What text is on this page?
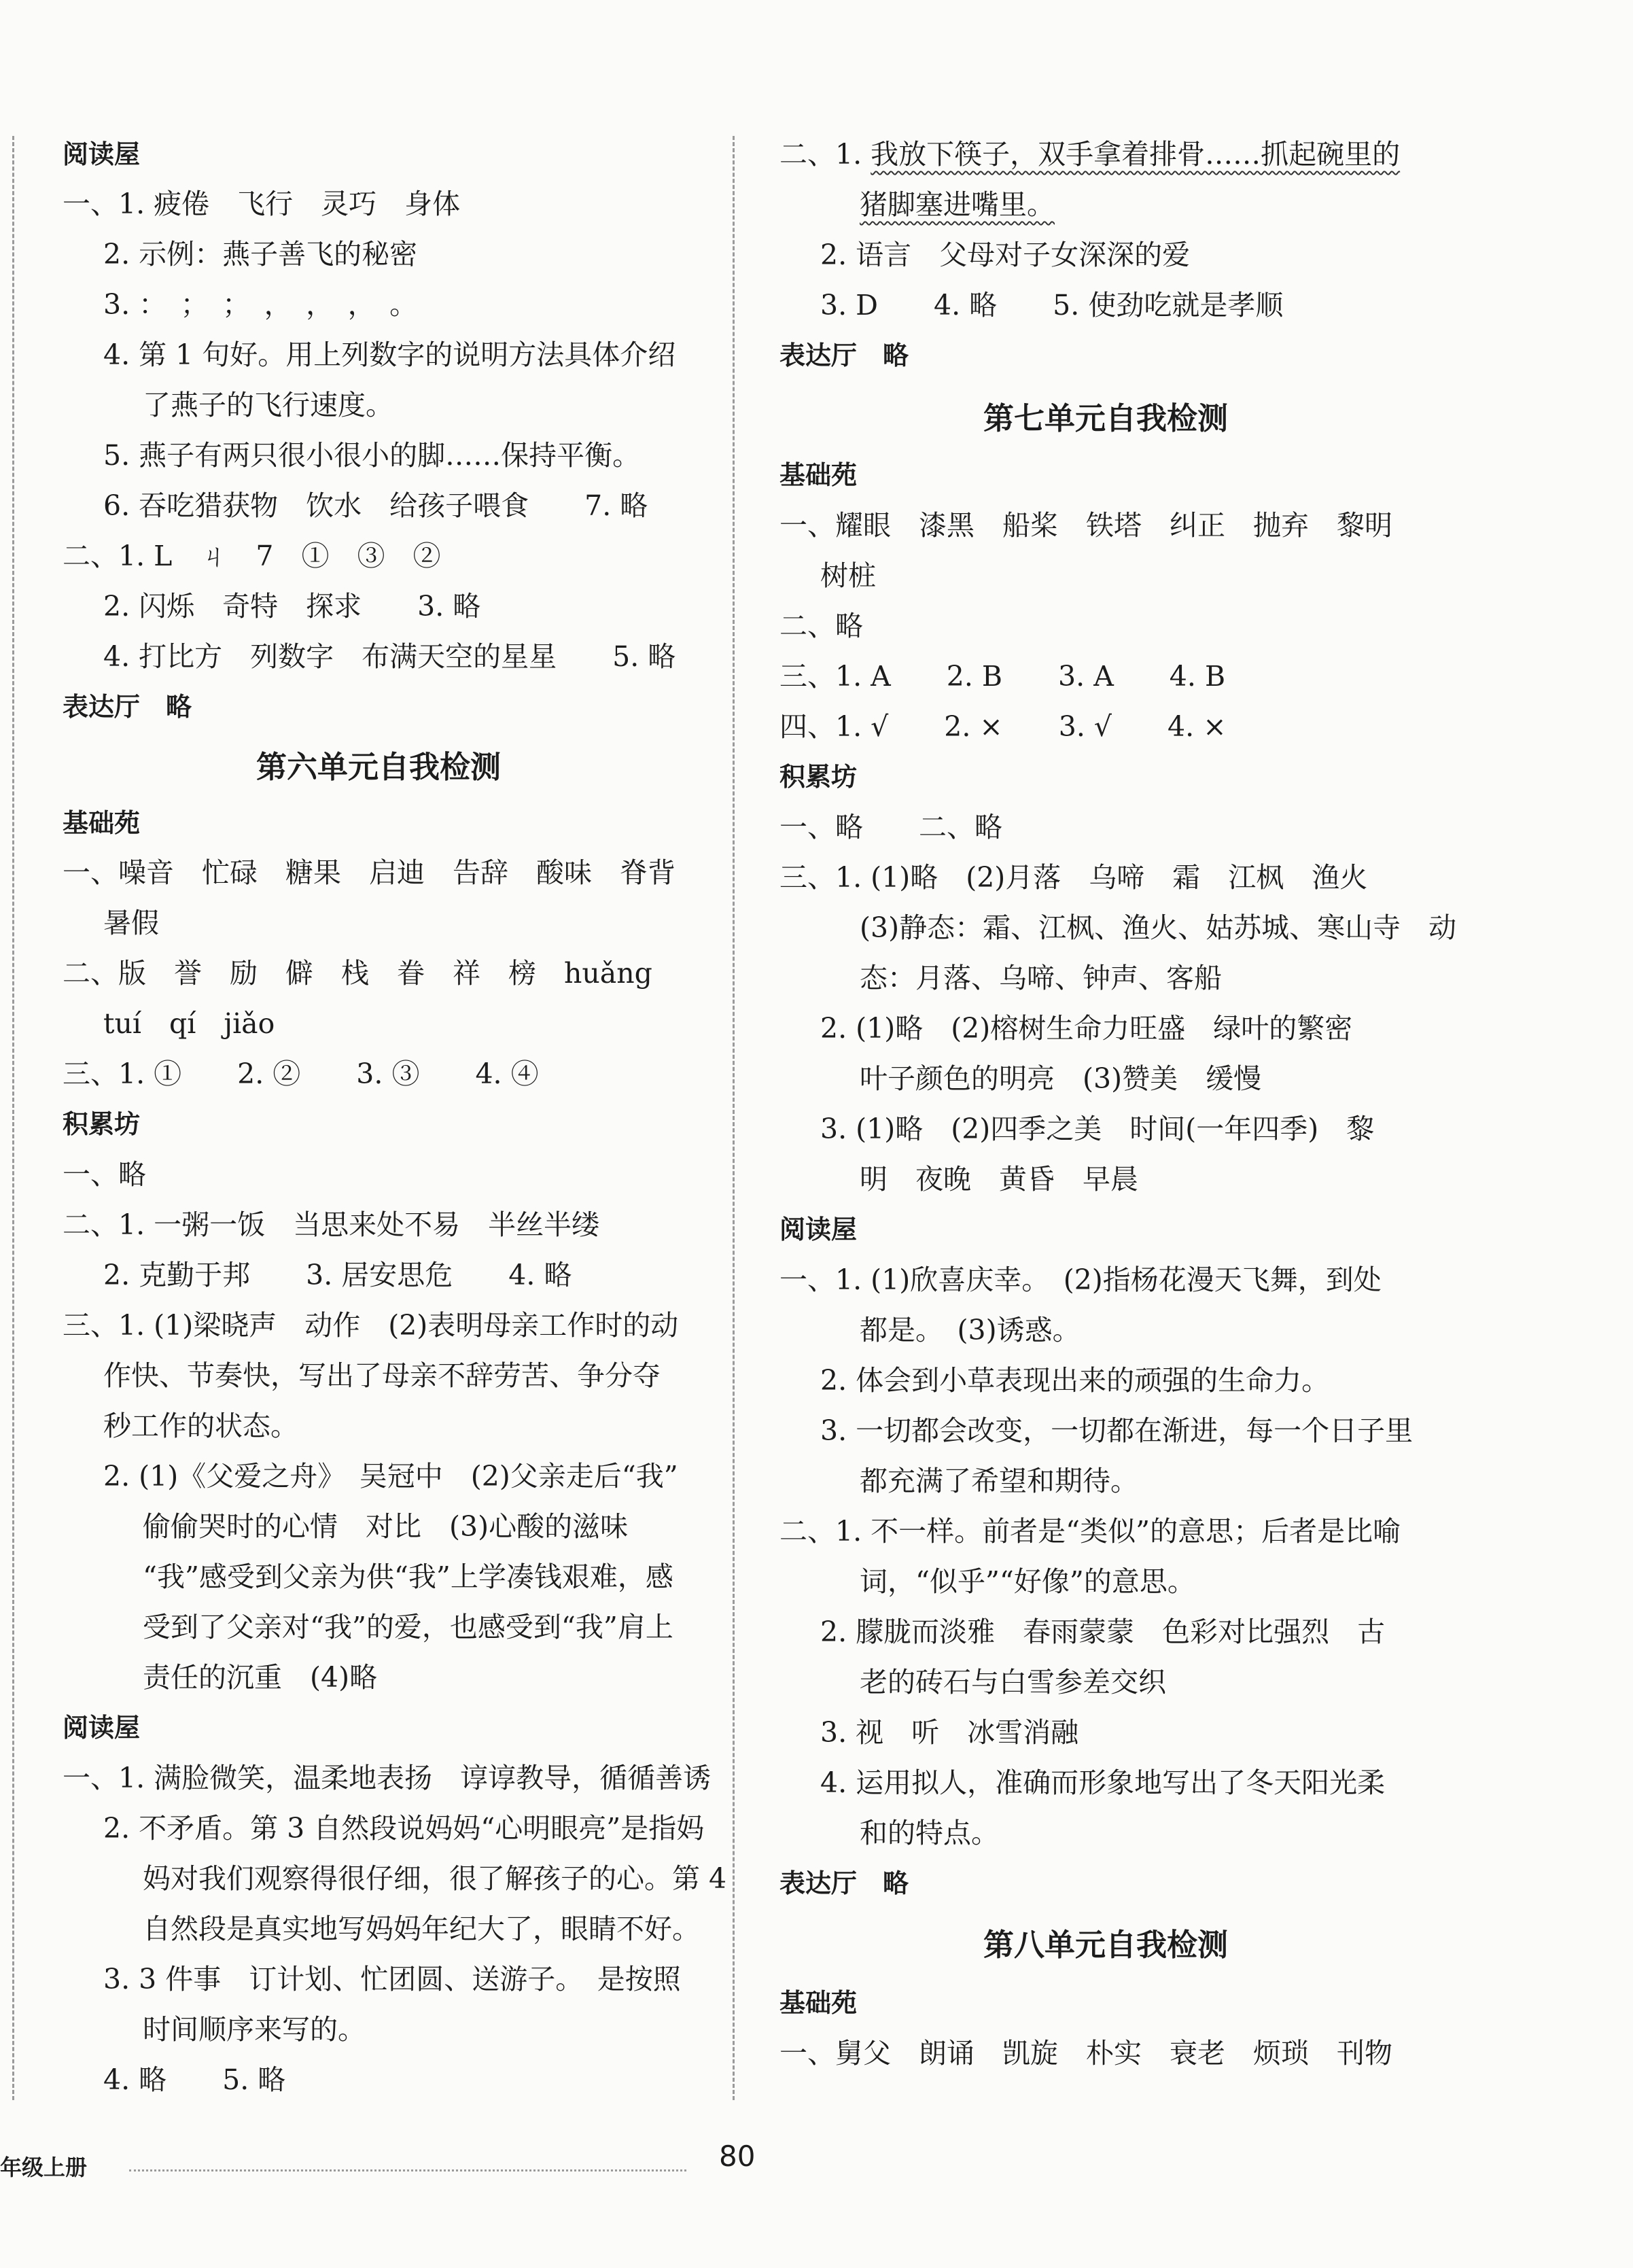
阅读屋
一、1. 疲倦　飞行　灵巧　身体
2. 示例：燕子善飞的秘密
3. ：　；　；　，　，　，　。
4. 第 1 句好。用上列数字的说明方法具体介绍
了燕子的飞行速度。
5. 燕子有两只很小很小的脚……保持平衡。
6. 吞吃猎获物　饮水　给孩子喂食　　7. 略
二、1. L　ㄐ　7　①　③　②
2. 闪烁　奇特　探求　　3. 略
4. 打比方　列数字　布满天空的星星　　5. 略
表达厅　略
第六单元自我检测
基础苑
一、噪音　忙碌　糖果　启迪　告辞　酸味　脊背
暑假
二、版　誉　励　僻　栈　眷　祥　榜　huǎng
tuí　qí　jiǎo
三、1. ①　　2. ②　　3. ③　　4. ④
积累坊
一、略
二、1. 一粥一饭　当思来处不易　半丝半缕
2. 克勤于邦　　3. 居安思危　　4. 略
三、1. (1)梁晓声　动作　(2)表明母亲工作时的动
作快、节奏快，写出了母亲不辞劳苦、争分夺
秒工作的状态。
2. (1)《父爱之舟》　吴冠中　(2)父亲走后“我”
偷偷哭时的心情　对比　(3)心酸的滋味
“我”感受到父亲为供“我”上学凑钱艰难，感
受到了父亲对“我”的爱，也感受到“我”肩上
责任的沉重　(4)略
阅读屋
一、1. 满脸微笑，温柔地表扬　谆谆教导，循循善诱
2. 不矛盾。第 3 自然段说妈妈“心明眼亮”是指妈
妈对我们观察得很仔细，很了解孩子的心。第 4
自然段是真实地写妈妈年纪大了，眼睛不好。
3. 3 件事　订计划、忙团圆、送游子。　是按照
时间顺序来写的。
4. 略　　5. 略
二、1. 我放下筷子，双手拿着排骨……抓起碗里的
猪脚塞进嘴里。
2. 语言　父母对子女深深的爱
3. D　　4. 略　　5. 使劲吃就是孝顺
表达厅　略
第七单元自我检测
基础苑
一、耀眼　漆黑　船桨　铁塔　纠正　抛弃　黎明
树桩
二、略
三、1. A　　2. B　　3. A　　4. B
四、1. √　　2. ×　　3. √　　4. ×
积累坊
一、略　　二、略
三、1. (1)略　(2)月落　乌啼　霜　江枫　渔火
(3)静态：霜、江枫、渔火、姑苏城、寒山寺　动
态：月落、乌啼、钟声、客船
2. (1)略　(2)榕树生命力旺盛　绿叶的繁密
叶子颜色的明亮　(3)赞美　缓慢
3. (1)略　(2)四季之美　时间(一年四季)　黎
明　夜晚　黄昏　早晨
阅读屋
一、1. (1)欣喜庆幸。　(2)指杨花漫天飞舞，到处
都是。　(3)诱惑。
2. 体会到小草表现出来的顽强的生命力。
3. 一切都会改变，一切都在渐进，每一个日子里
都充满了希望和期待。
二、1. 不一样。前者是“类似”的意思；后者是比喻
词，“似乎”“好像”的意思。
2. 朦胧而淡雅　春雨蒙蒙　色彩对比强烈　古
老的砖石与白雪参差交织
3. 视　听　冰雪消融
4. 运用拟人，准确而形象地写出了冬天阳光柔
和的特点。
表达厅　略
第八单元自我检测
基础苑
一、舅父　朗诵　凯旋　朴实　衰老　烦琐　刊物
年级上册	80
